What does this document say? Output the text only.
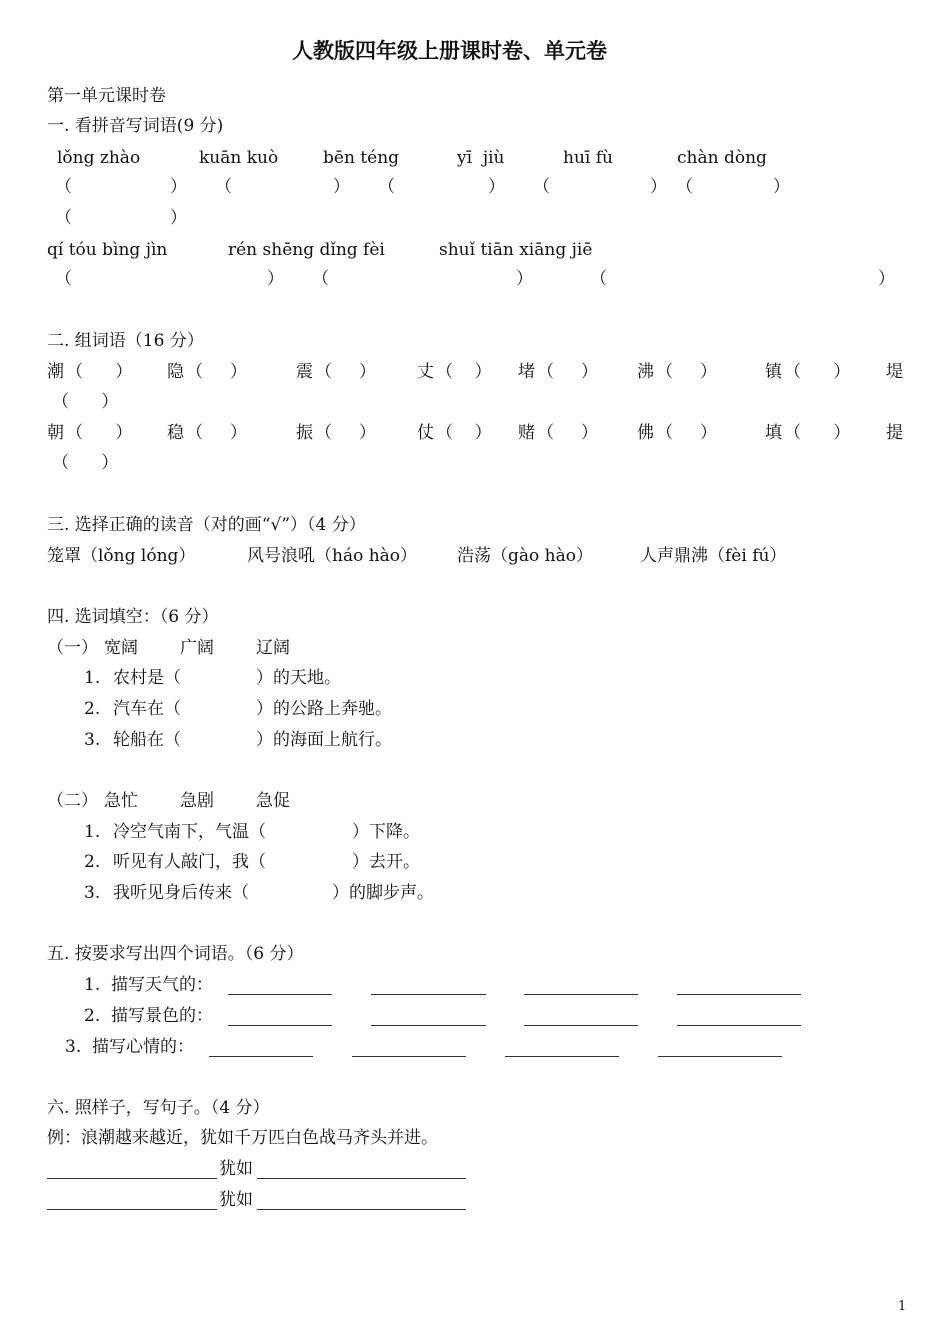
人教版四年级上册课时卷、单元卷
第一单元课时卷
一. 看拼音写词语(9 分)
lǒng zhào	kuān kuò	bēn téng	yī  jiù	huī fù	chàn dòng
（	） （	） （	） （	） （	）
（	）
qí tóu bìng jìn	rén shēng dǐng fèi	shuǐ tiān xiāng jiē
（	） （	）	（	）
二. 组词语（16 分）
潮 （      ） 隐 （     ）	震 （     ） 丈 （    ） 堵 （     ） 沸 （     ）	镇 （      ） 堤
（      ）
朝 （      ） 稳 （     ）	振 （     ） 仗 （    ） 赌 （     ） 佛 （     ）	填 （      ） 提
（      ）
三. 选择正确的读音（对的画“√”）（4 分）
笼罩（lǒng lóng）	风号浪吼（háo hào） 浩荡（gào hào）	人声鼎沸（fèi fú）
四. 选词填空：（6 分）
（一） 宽阔 广阔 辽阔
1. 农村是（	）的天地。
2. 汽车在（	）的公路上奔驰。
3. 轮船在（	）的海面上航行。
（二） 急忙 急剧 急促
1. 冷空气南下，气温（	）下降。
2. 听见有人敲门，我（	）去开。
3. 我听见身后传来（	）的脚步声。
五. 按要求写出四个词语。（6 分）
1.  描写天气的：
2.  描写景色的：
3.  描写心情的：
六. 照样子，写句子。（4 分）
例：浪潮越来越近，犹如千万匹白色战马齐头并进。
犹如
犹如
1
